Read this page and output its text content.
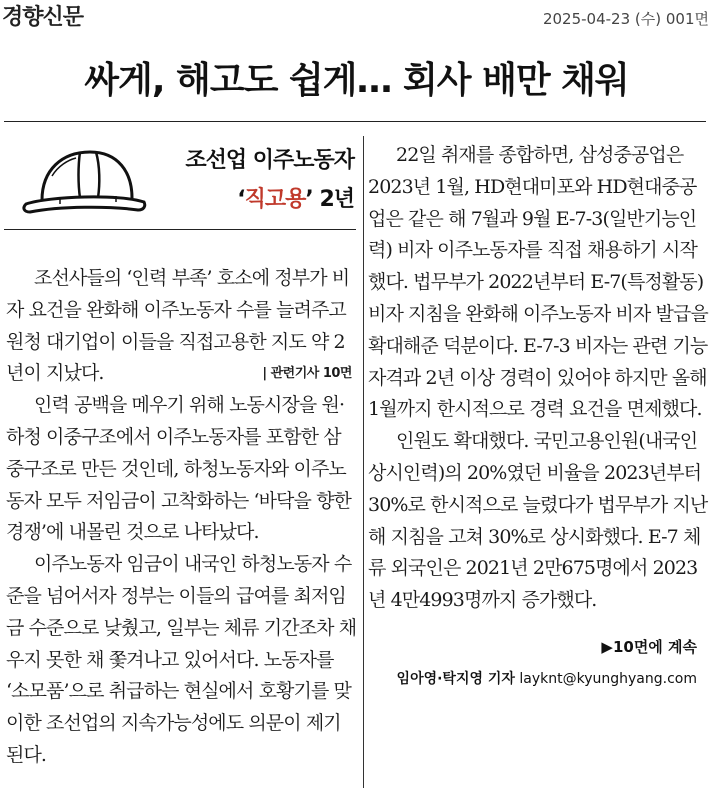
경향신문	2025-04-23 (수) 001면
싸게, 해고도 쉽게… 회사 배만 채워
조선업 이주노동자
‘직고용’ 2년

조선사들의 ‘인력 부족’ 호소에 정부가 비자 요건을 완화해 이주노동자 수를 늘려주고 원청 대기업이 이들을 직접고용한 지도 약 2년이 지났다.	| 관련기사 10면

인력 공백을 메우기 위해 노동시장을 원·하청 이중구조에서 이주노동자를 포함한 삼중구조로 만든 것인데, 하청노동자와 이주노동자 모두 저임금이 고착화하는 ‘바닥을 향한 경쟁’에 내몰린 것으로 나타났다.

이주노동자 임금이 내국인 하청노동자 수준을 넘어서자 정부는 이들의 급여를 최저임금 수준으로 낮췄고, 일부는 체류 기간조차 채우지 못한 채 쫓겨나고 있어서다. 노동자를 ‘소모품’으로 취급하는 현실에서 호황기를 맞이한 조선업의 지속가능성에도 의문이 제기된다.

22일 취재를 종합하면, 삼성중공업은 2023년 1월, HD현대미포와 HD현대중공업은 같은 해 7월과 9월 E-7-3(일반기능인력) 비자 이주노동자를 직접 채용하기 시작했다. 법무부가 2022년부터 E-7(특정활동) 비자 지침을 완화해 이주노동자 비자 발급을 확대해준 덕분이다. E-7-3 비자는 관련 기능 자격과 2년 이상 경력이 있어야 하지만 올해 1월까지 한시적으로 경력 요건을 면제했다.

인원도 확대했다. 국민고용인원(내국인 상시인력)의 20%였던 비율을 2023년부터 30%로 한시적으로 늘렸다가 법무부가 지난해 지침을 고쳐 30%로 상시화했다. E-7 체류 외국인은 2021년 2만675명에서 2023년 4만4993명까지 증가했다.

▶10면에 계속
임아영·탁지영 기자 layknt@kyunghyang.com
